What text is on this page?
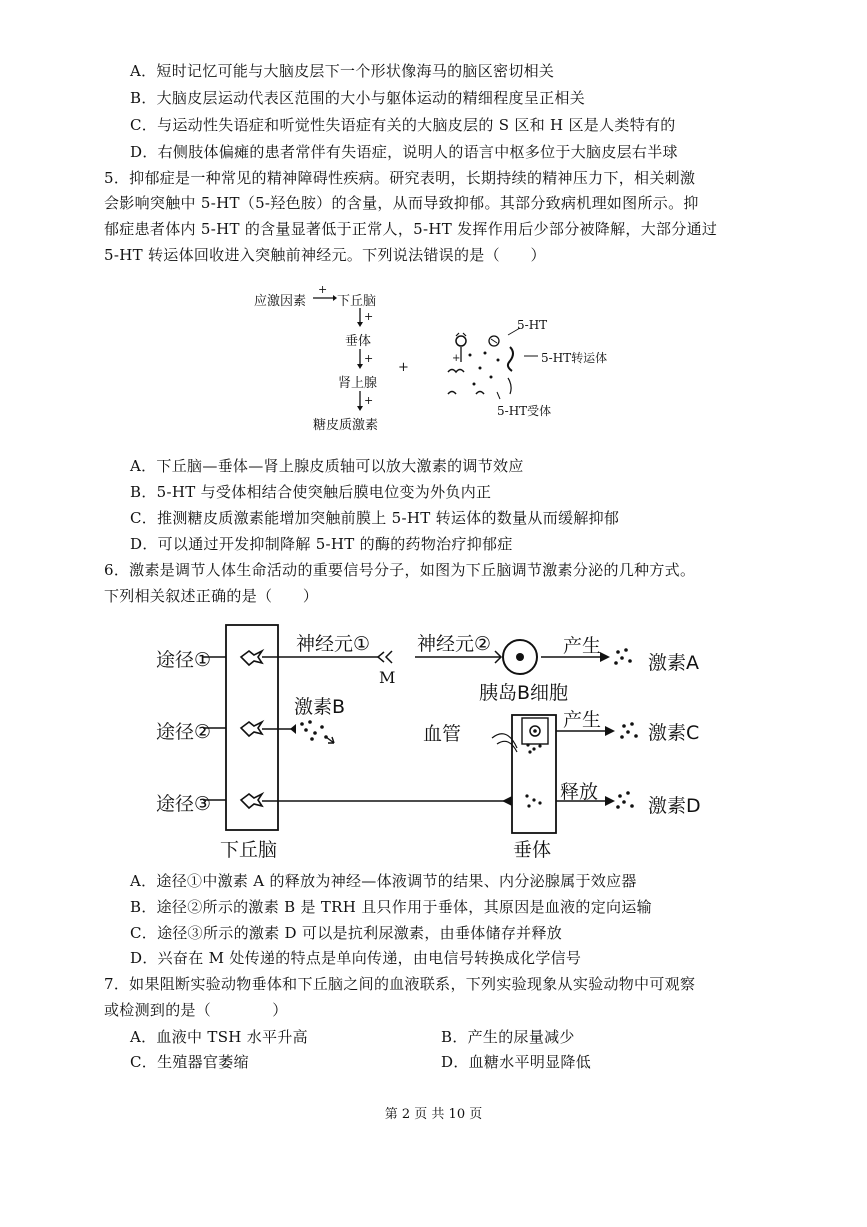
A．短时记忆可能与大脑皮层下一个形状像海马的脑区密切相关
B．大脑皮层运动代表区范围的大小与躯体运动的精细程度呈正相关
C．与运动性失语症和听觉性失语症有关的大脑皮层的 S 区和 H 区是人类特有的
D．右侧肢体偏瘫的患者常伴有失语症，说明人的语言中枢多位于大脑皮层右半球
5．抑郁症是一种常见的精神障碍性疾病。研究表明，长期持续的精神压力下，相关刺激
会影响突触中 5-HT（5-羟色胺）的含量，从而导致抑郁。其部分致病机理如图所示。抑
郁症患者体内 5-HT 的含量显著低于正常人，5-HT 发挥作用后少部分被降解，大部分通过
5-HT 转运体回收进入突触前神经元。下列说法错误的是（　　）
应激因素 下丘脑
垂体
肾上腺
糖皮质激素
+
5-HT
5-HT转运体
5-HT受体
+
+
+
+
+
A．下丘脑—垂体—肾上腺皮质轴可以放大激素的调节效应
B．5-HT 与受体相结合使突触后膜电位变为外负内正
C．推测糖皮质激素能增加突触前膜上 5-HT 转运体的数量从而缓解抑郁
D．可以通过开发抑制降解 5-HT 的酶的药物治疗抑郁症
6．激素是调节人体生命活动的重要信号分子，如图为下丘脑调节激素分泌的几种方式。
下列相关叙述正确的是（　　）
途径①
途径②
途径③
神经元① 神经元②
M
胰岛B细胞
产生
产生
释放
激素A
激素B
激素C
激素D
血管
下丘脑	垂体
A．途径①中激素 A 的释放为神经—体液调节的结果、内分泌腺属于效应器
B．途径②所示的激素 B 是 TRH 且只作用于垂体，其原因是血液的定向运输
C．途径③所示的激素 D 可以是抗利尿激素，由垂体储存并释放
D．兴奋在 M 处传递的特点是单向传递，由电信号转换成化学信号
7．如果阻断实验动物垂体和下丘脑之间的血液联系，下列实验现象从实验动物中可观察
或检测到的是（　　　　）
A．血液中 TSH 水平升高	B．产生的尿量减少
C．生殖器官萎缩	D．血糖水平明显降低
第 2 页 共 10 页
